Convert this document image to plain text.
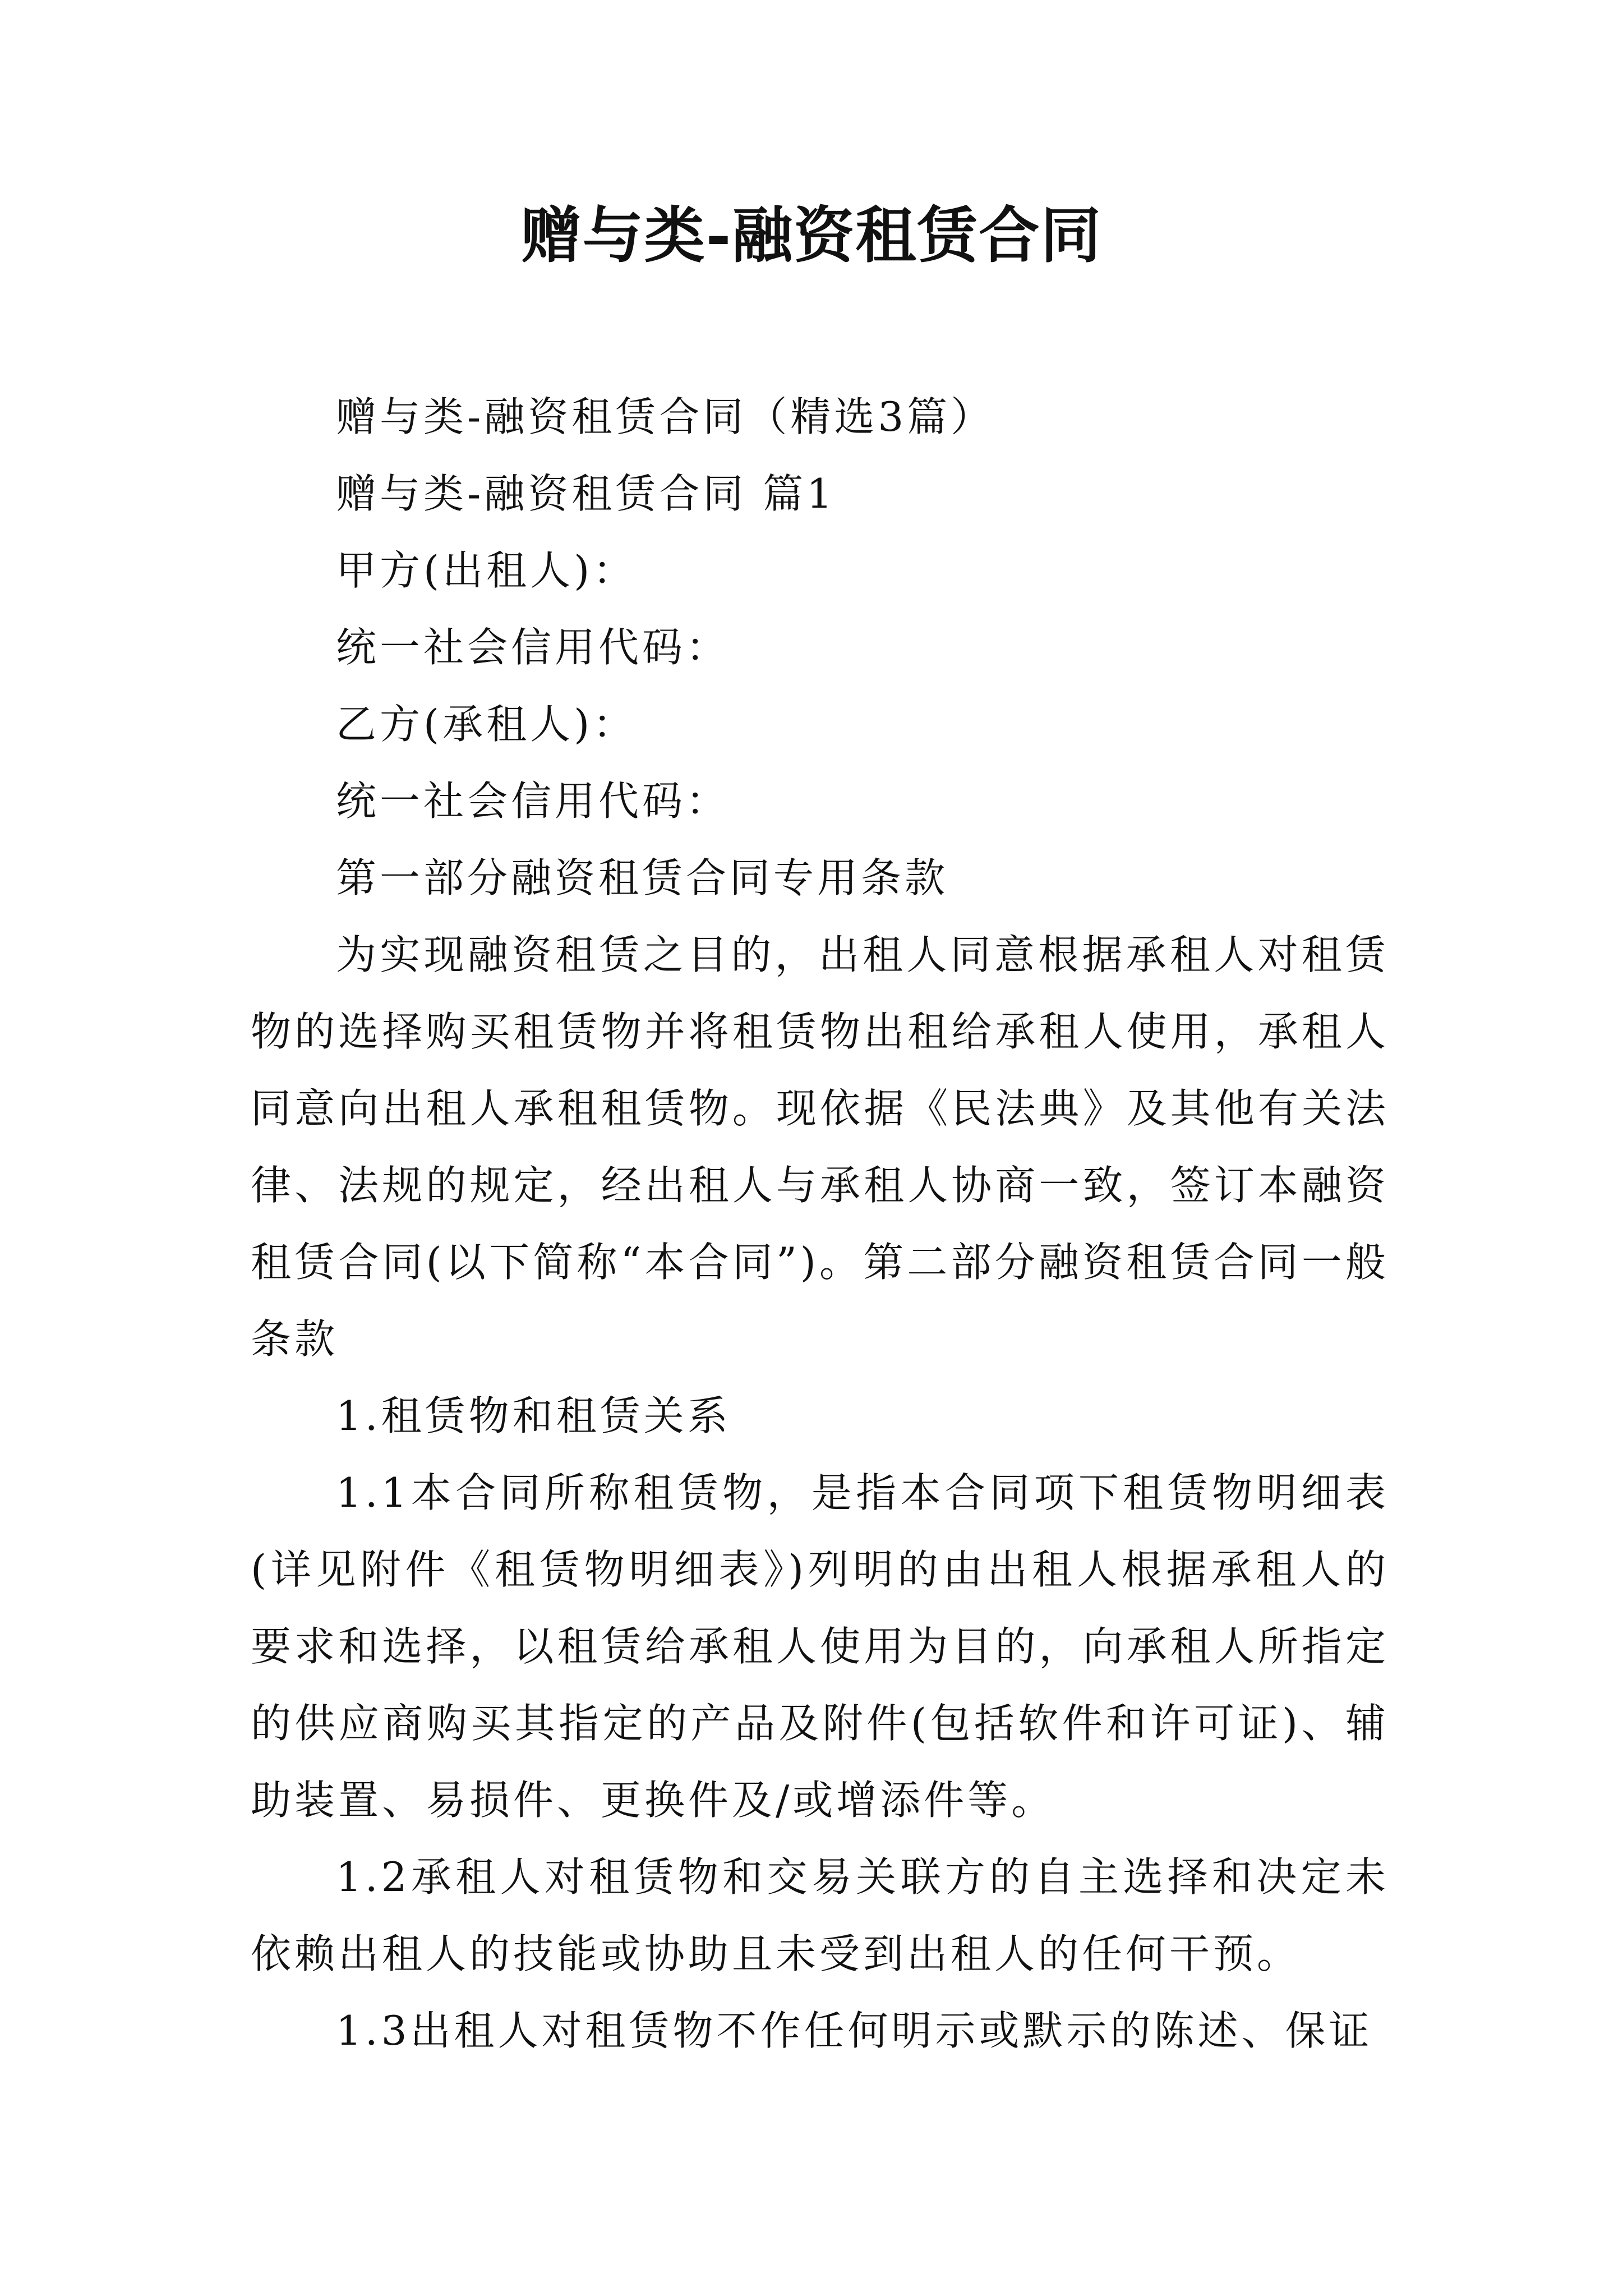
赠与类-融资租赁合同

赠与类-融资租赁合同（精选3篇）

赠与类-融资租赁合同 篇1

甲方(出租人)：

统一社会信用代码：

乙方(承租人)：

统一社会信用代码：

第一部分融资租赁合同专用条款

为实现融资租赁之目的，出租人同意根据承租人对租赁物的选择购买租赁物并将租赁物出租给承租人使用，承租人同意向出租人承租租赁物。现依据《民法典》及其他有关法律、法规的规定，经出租人与承租人协商一致，签订本融资租赁合同(以下简称“本合同”)。第二部分融资租赁合同一般条款

1.租赁物和租赁关系

1.1本合同所称租赁物，是指本合同项下租赁物明细表(详见附件《租赁物明细表》)列明的由出租人根据承租人的要求和选择，以租赁给承租人使用为目的，向承租人所指定的供应商购买其指定的产品及附件(包括软件和许可证)、辅助装置、易损件、更换件及/或增添件等。

1.2承租人对租赁物和交易关联方的自主选择和决定未依赖出租人的技能或协助且未受到出租人的任何干预。

1.3出租人对租赁物不作任何明示或默示的陈述、保证
